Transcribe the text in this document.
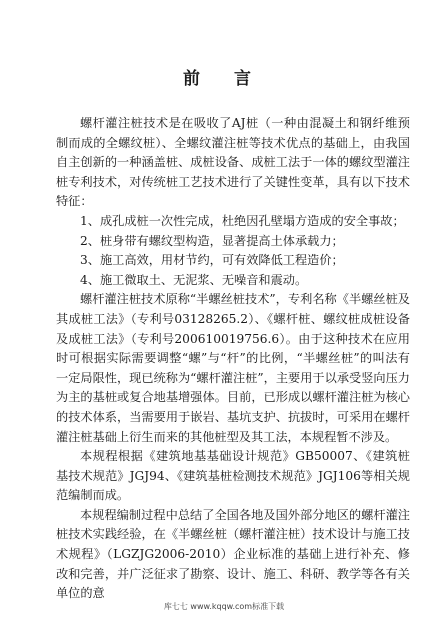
前 言

螺杆灌注桩技术是在吸收了AJ桩（一种由混凝土和钢纤维预制而成的全螺纹桩）、全螺纹灌注桩等技术优点的基础上，由我国自主创新的一种涵盖桩、成桩设备、成桩工法于一体的螺纹型灌注桩专利技术，对传统桩工艺技术进行了关键性变革，具有以下技术特征：

1、成孔成桩一次性完成，杜绝因孔壁塌方造成的安全事故；

2、桩身带有螺纹型构造，显著提高土体承载力；

3、施工高效，用材节约，可有效降低工程造价；

4、施工微取土、无泥浆、无噪音和震动。

螺杆灌注桩技术原称“半螺丝桩技术”，专利名称《半螺丝桩及其成桩工法》（专利号03128265.2）、《螺杆桩、螺纹桩成桩设备及成桩工法》（专利号200610019756.6）。由于这种技术在应用时可根据实际需要调整“螺”与“杆”的比例，“半螺丝桩”的叫法有一定局限性，现已统称为“螺杆灌注桩”，主要用于以承受竖向压力为主的基桩或复合地基增强体。目前，已形成以螺杆灌注桩为核心的技术体系，当需要用于嵌岩、基坑支护、抗拔时，可采用在螺杆灌注桩基础上衍生而来的其他桩型及其工法，本规程暂不涉及。

本规程根据《建筑地基基础设计规范》GB50007、《建筑桩基技术规范》JGJ94、《建筑基桩检测技术规范》JGJ106等相关规范编制而成。

本规程编制过程中总结了全国各地及国外部分地区的螺杆灌注桩技术实践经验，在《半螺丝桩（螺杆灌注桩）技术设计与施工技术规程》（LGZJG2006-2010）企业标准的基础上进行补充、修改和完善，并广泛征求了勘察、设计、施工、科研、教学等各有关单位的意

库七七 www.kqqw.com标准下载
